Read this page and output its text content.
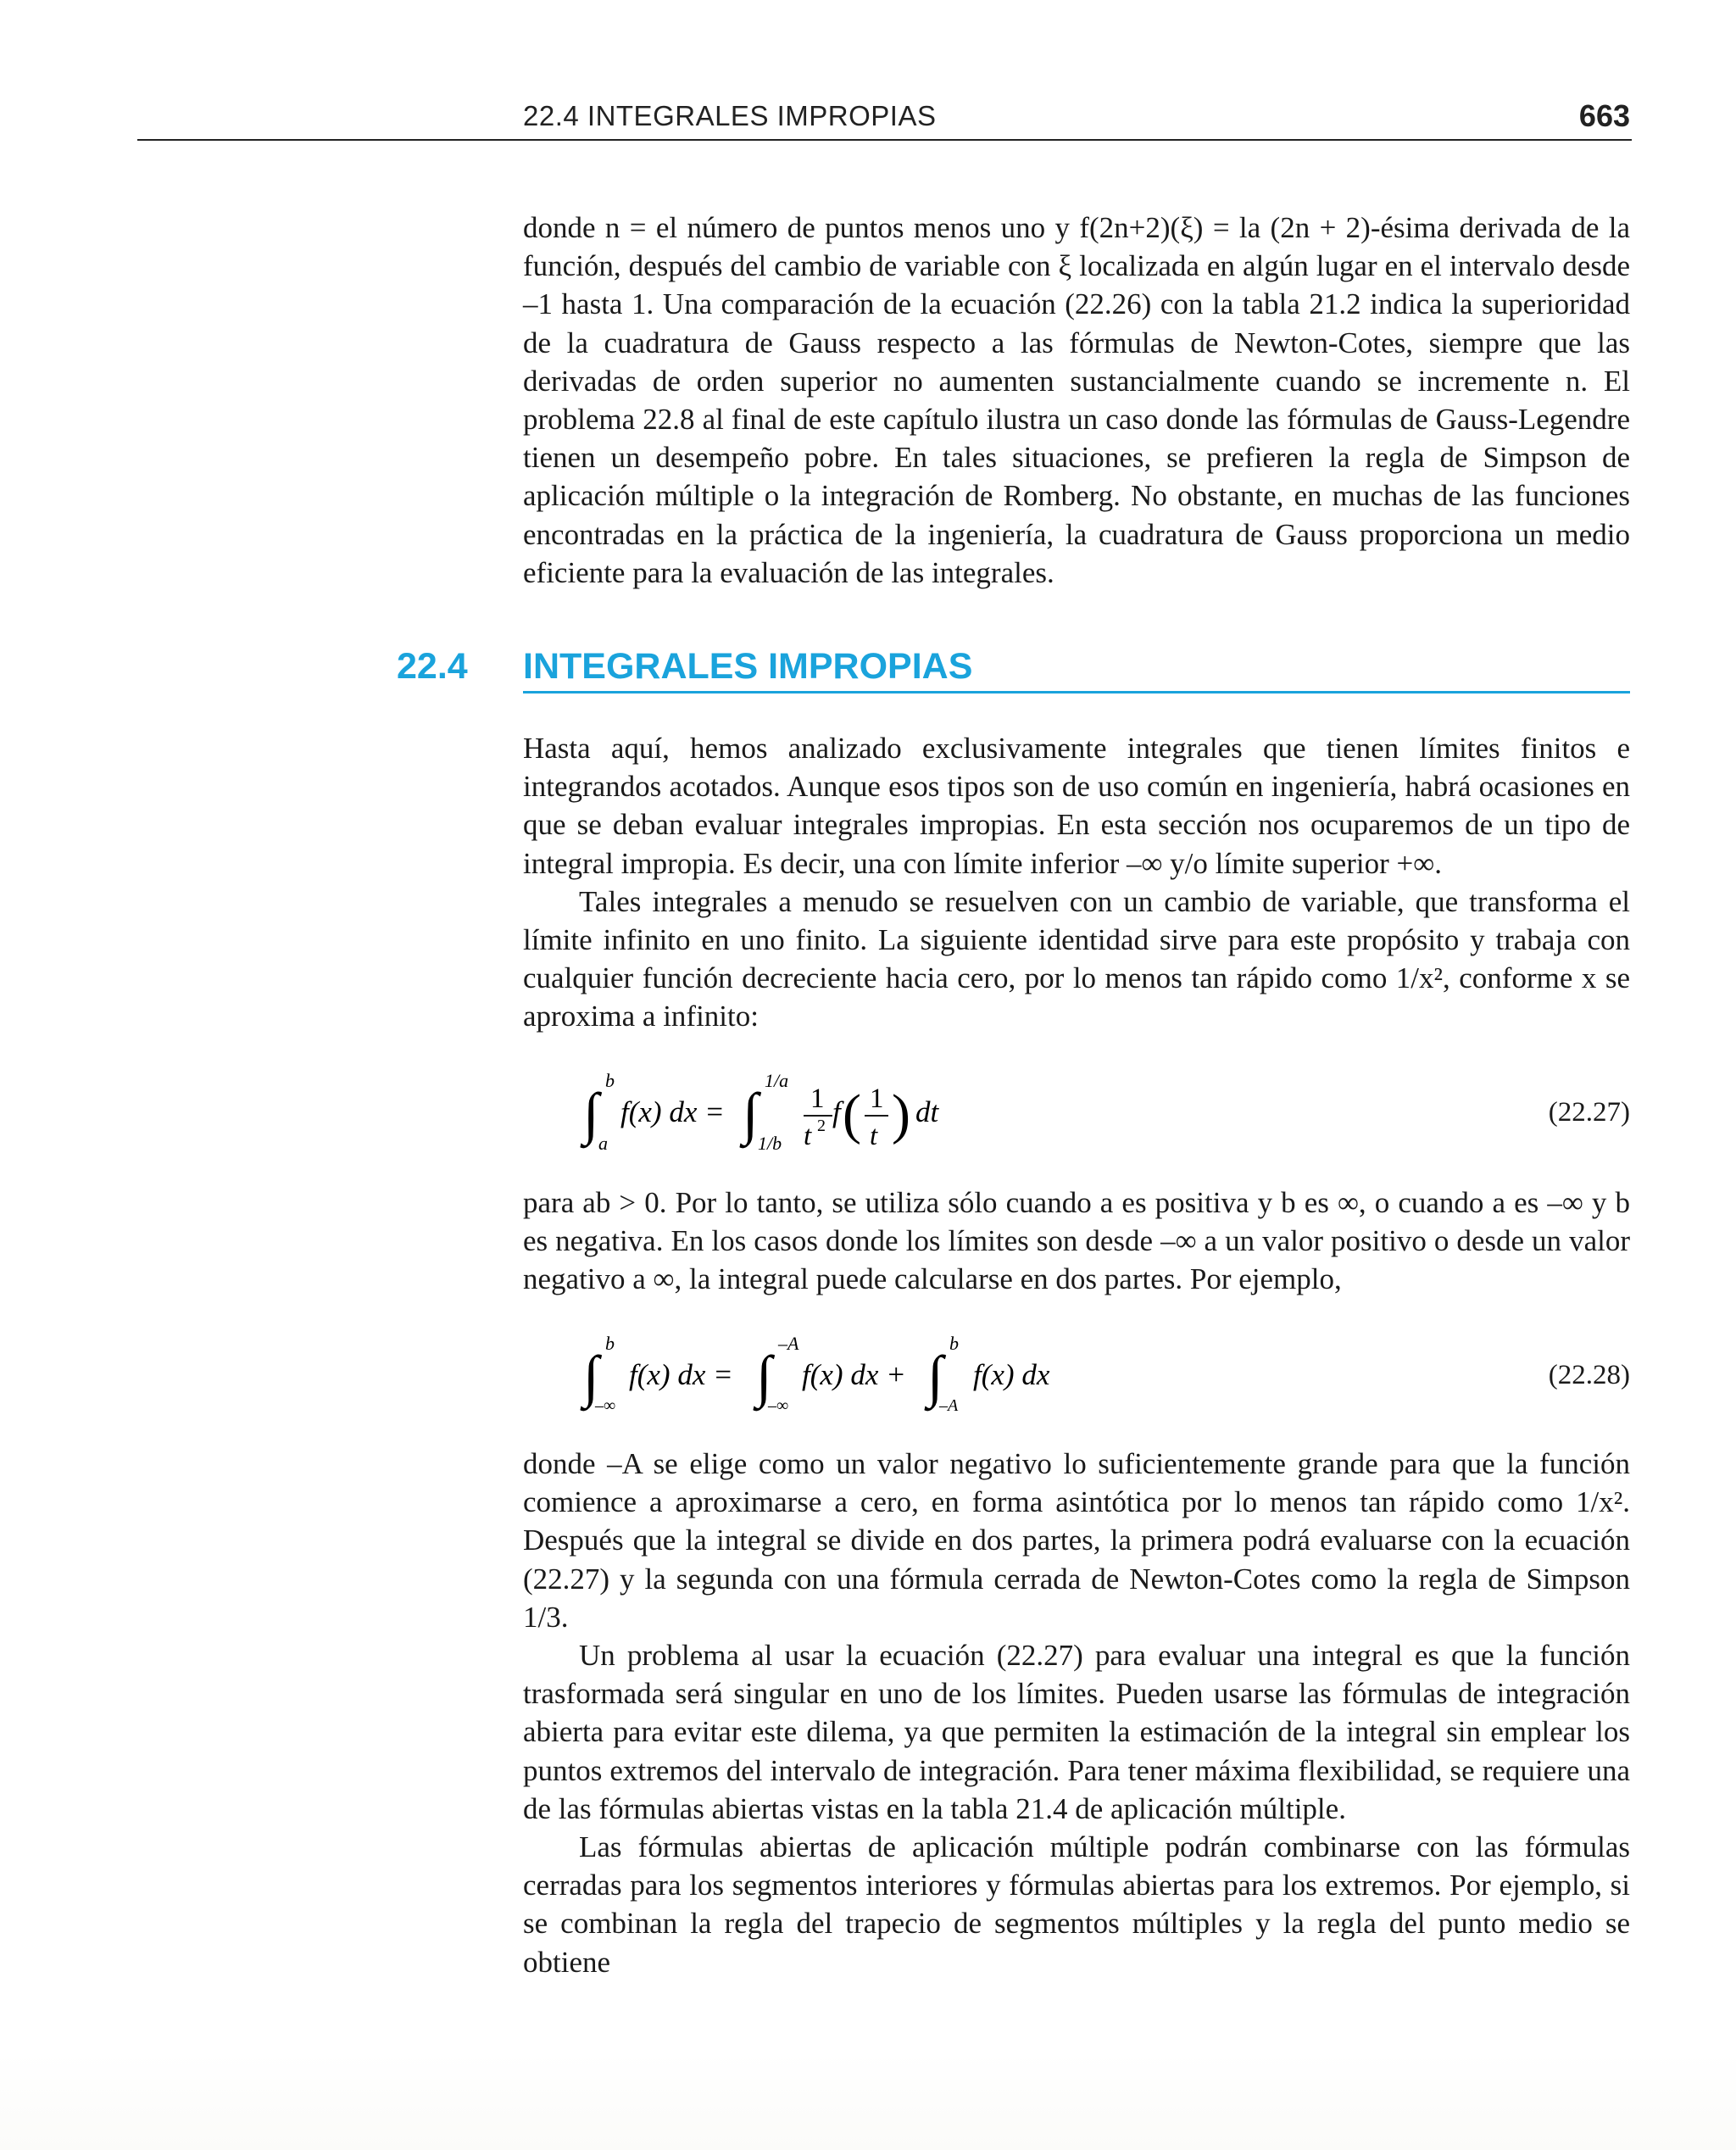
22.4 INTEGRALES IMPROPIAS	663

donde n = el número de puntos menos uno y f(2n+2)(ξ) = la (2n + 2)-ésima derivada de la función, después del cambio de variable con ξ localizada en algún lugar en el intervalo desde –1 hasta 1. Una comparación de la ecuación (22.26) con la tabla 21.2 indica la superioridad de la cuadratura de Gauss respecto a las fórmulas de Newton-Cotes, siempre que las derivadas de orden superior no aumenten sustancialmente cuando se incremente n. El problema 22.8 al final de este capítulo ilustra un caso donde las fórmulas de Gauss-Legendre tienen un desempeño pobre. En tales situaciones, se prefieren la regla de Simpson de aplicación múltiple o la integración de Romberg. No obstante, en muchas de las funciones encontradas en la práctica de la ingeniería, la cuadratura de Gauss proporciona un medio eficiente para la evaluación de las integrales.

22.4 INTEGRALES IMPROPIAS

Hasta aquí, hemos analizado exclusivamente integrales que tienen límites finitos e integrandos acotados. Aunque esos tipos son de uso común en ingeniería, habrá ocasiones en que se deban evaluar integrales impropias. En esta sección nos ocuparemos de un tipo de integral impropia. Es decir, una con límite inferior –∞ y/o límite superior +∞.

Tales integrales a menudo se resuelven con un cambio de variable, que transforma el límite infinito en uno finito. La siguiente identidad sirve para este propósito y trabaja con cualquier función decreciente hacia cero, por lo menos tan rápido como 1/x², conforme x se aproxima a infinito:

∫
b
a
f(x) dx = ∫
1/a
1/b
1
t 2 f ( 1
t ) dt	(22.27)

para ab > 0. Por lo tanto, se utiliza sólo cuando a es positiva y b es ∞, o cuando a es –∞ y b es negativa. En los casos donde los límites son desde –∞ a un valor positivo o desde un valor negativo a ∞, la integral puede calcularse en dos partes. Por ejemplo,

∫
b
–∞
f(x) dx = ∫
–A
–∞
f(x) dx + ∫
b
–A
f(x) dx	(22.28)

donde –A se elige como un valor negativo lo suficientemente grande para que la función comience a aproximarse a cero, en forma asintótica por lo menos tan rápido como 1/x². Después que la integral se divide en dos partes, la primera podrá evaluarse con la ecuación (22.27) y la segunda con una fórmula cerrada de Newton-Cotes como la regla de Simpson 1/3.

Un problema al usar la ecuación (22.27) para evaluar una integral es que la función trasformada será singular en uno de los límites. Pueden usarse las fórmulas de integración abierta para evitar este dilema, ya que permiten la estimación de la integral sin emplear los puntos extremos del intervalo de integración. Para tener máxima flexibilidad, se requiere una de las fórmulas abiertas vistas en la tabla 21.4 de aplicación múltiple.

Las fórmulas abiertas de aplicación múltiple podrán combinarse con las fórmulas cerradas para los segmentos interiores y fórmulas abiertas para los extremos. Por ejemplo, si se combinan la regla del trapecio de segmentos múltiples y la regla del punto medio se obtiene
